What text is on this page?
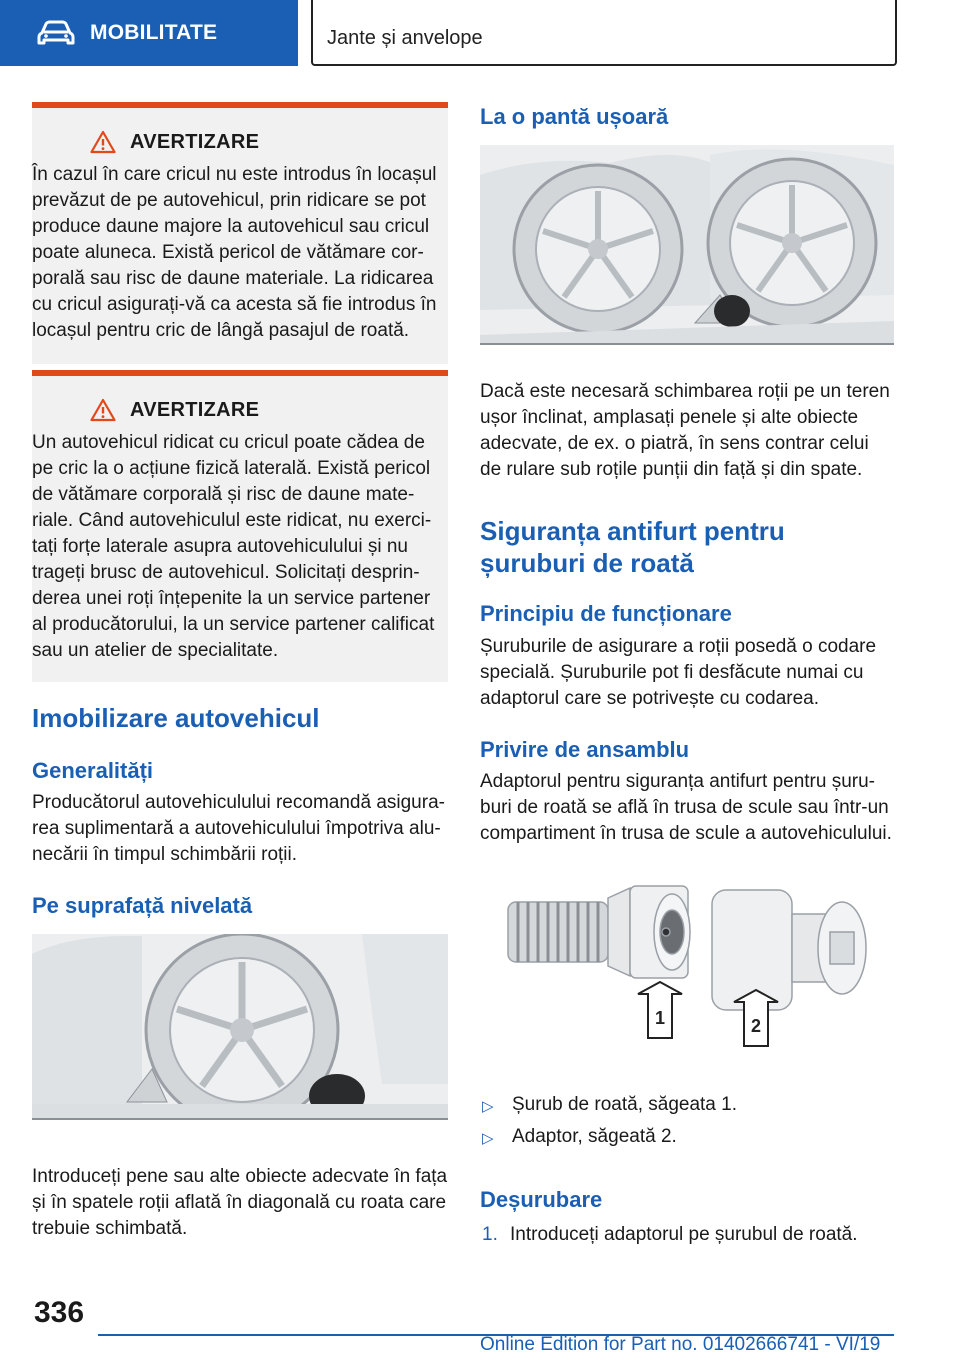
MOBILITATE	Jante și anvelope
AVERTIZARE

În cazul în care cricul nu este introdus în locașul prevăzut de pe autovehicul, prin ridicare se pot produce daune majore la autovehicul sau cricul poate aluneca. Există pericol de vătămare cor-porală sau risc de daune materiale. La ridicarea cu cricul asigurați-vă ca acesta să fie introdus în locașul pentru cric de lângă pasajul de roată.

AVERTIZARE

Un autovehicul ridicat cu cricul poate cădea de pe cric la o acțiune fizică laterală. Există pericol de vătămare corporală și risc de daune mate-riale. Când autovehiculul este ridicat, nu exerci-tați forțe laterale asupra autovehiculului și nu trageți brusc de autovehicul. Solicitați desprin-derea unei roți înțepenite la un service partener al producătorului, la un service partener calificat sau un atelier de specialitate.

Imobilizare autovehicul
Generalități

Producătorul autovehiculului recomandă asigura-rea suplimentară a autovehiculului împotriva alu-necării în timpul schimbării roții.

Pe suprafață nivelată

Introduceți pene sau alte obiecte adecvate în fața și în spatele roții aflată în diagonală cu roata care trebuie schimbată.

La o pantă ușoară

Dacă este necesară schimbarea roții pe un teren ușor înclinat, amplasați penele și alte obiecte adecvate, de ex. o piatră, în sens contrar celui de rulare sub roțile punții din față și din spate.

Siguranța antifurt pentru șuruburi de roată
Principiu de funcționare

Șuruburile de asigurare a roții posedă o codare specială. Șuruburile pot fi desfăcute numai cu adaptorul care se potrivește cu codarea.

Privire de ansamblu

Adaptorul pentru siguranța antifurt pentru șuru-buri de roată se află în trusa de scule sau într-un compartiment în trusa de scule a autovehiculului.

1	2
▷ Șurub de roată, săgeata 1.
▷ Adaptor, săgeată 2.
Deșurubare
1. Introduceți adaptorul pe șurubul de roată.
336
Online Edition for Part no. 01402666741 - VI/19
